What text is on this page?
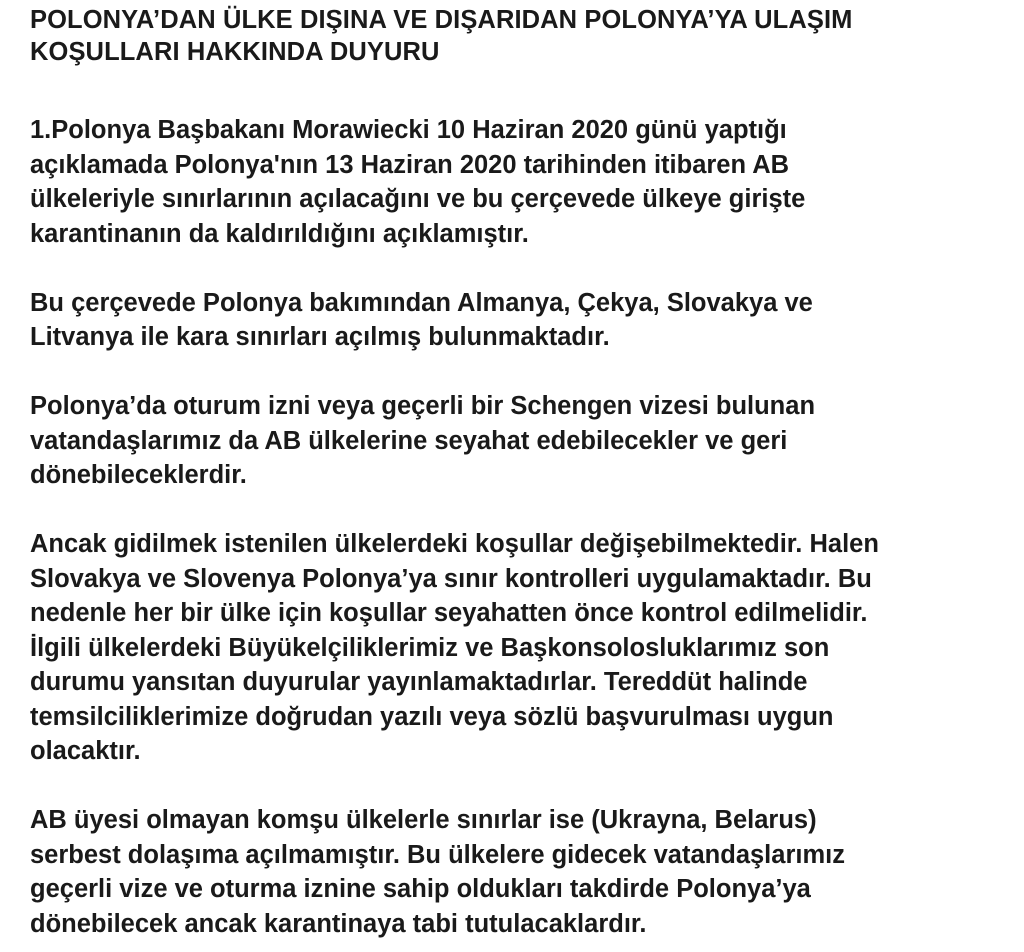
POLONYA’DAN ÜLKE DIŞINA VE DIŞARIDAN POLONYA’YA ULAŞIM
KOŞULLARI HAKKINDA DUYURU

1.Polonya Başbakanı Morawiecki 10 Haziran 2020 günü yaptığı
açıklamada Polonya'nın 13 Haziran 2020 tarihinden itibaren AB
ülkeleriyle sınırlarının açılacağını ve bu çerçevede ülkeye girişte
karantinanın da kaldırıldığını açıklamıştır.

Bu çerçevede Polonya bakımından Almanya, Çekya, Slovakya ve
Litvanya ile kara sınırları açılmış bulunmaktadır.

Polonya’da oturum izni veya geçerli bir Schengen vizesi bulunan
vatandaşlarımız da AB ülkelerine seyahat edebilecekler ve geri
dönebileceklerdir.

Ancak gidilmek istenilen ülkelerdeki koşullar değişebilmektedir. Halen
Slovakya ve Slovenya Polonya’ya sınır kontrolleri uygulamaktadır. Bu
nedenle her bir ülke için koşullar seyahatten önce kontrol edilmelidir.
İlgili ülkelerdeki Büyükelçiliklerimiz ve Başkonsolosluklarımız son
durumu yansıtan duyurular yayınlamaktadırlar. Tereddüt halinde
temsilciliklerimize doğrudan yazılı veya sözlü başvurulması uygun
olacaktır.

AB üyesi olmayan komşu ülkelerle sınırlar ise (Ukrayna, Belarus)
serbest dolaşıma açılmamıştır. Bu ülkelere gidecek vatandaşlarımız
geçerli vize ve oturma iznine sahip oldukları takdirde Polonya’ya
dönebilecek ancak karantinaya tabi tutulacaklardır.
